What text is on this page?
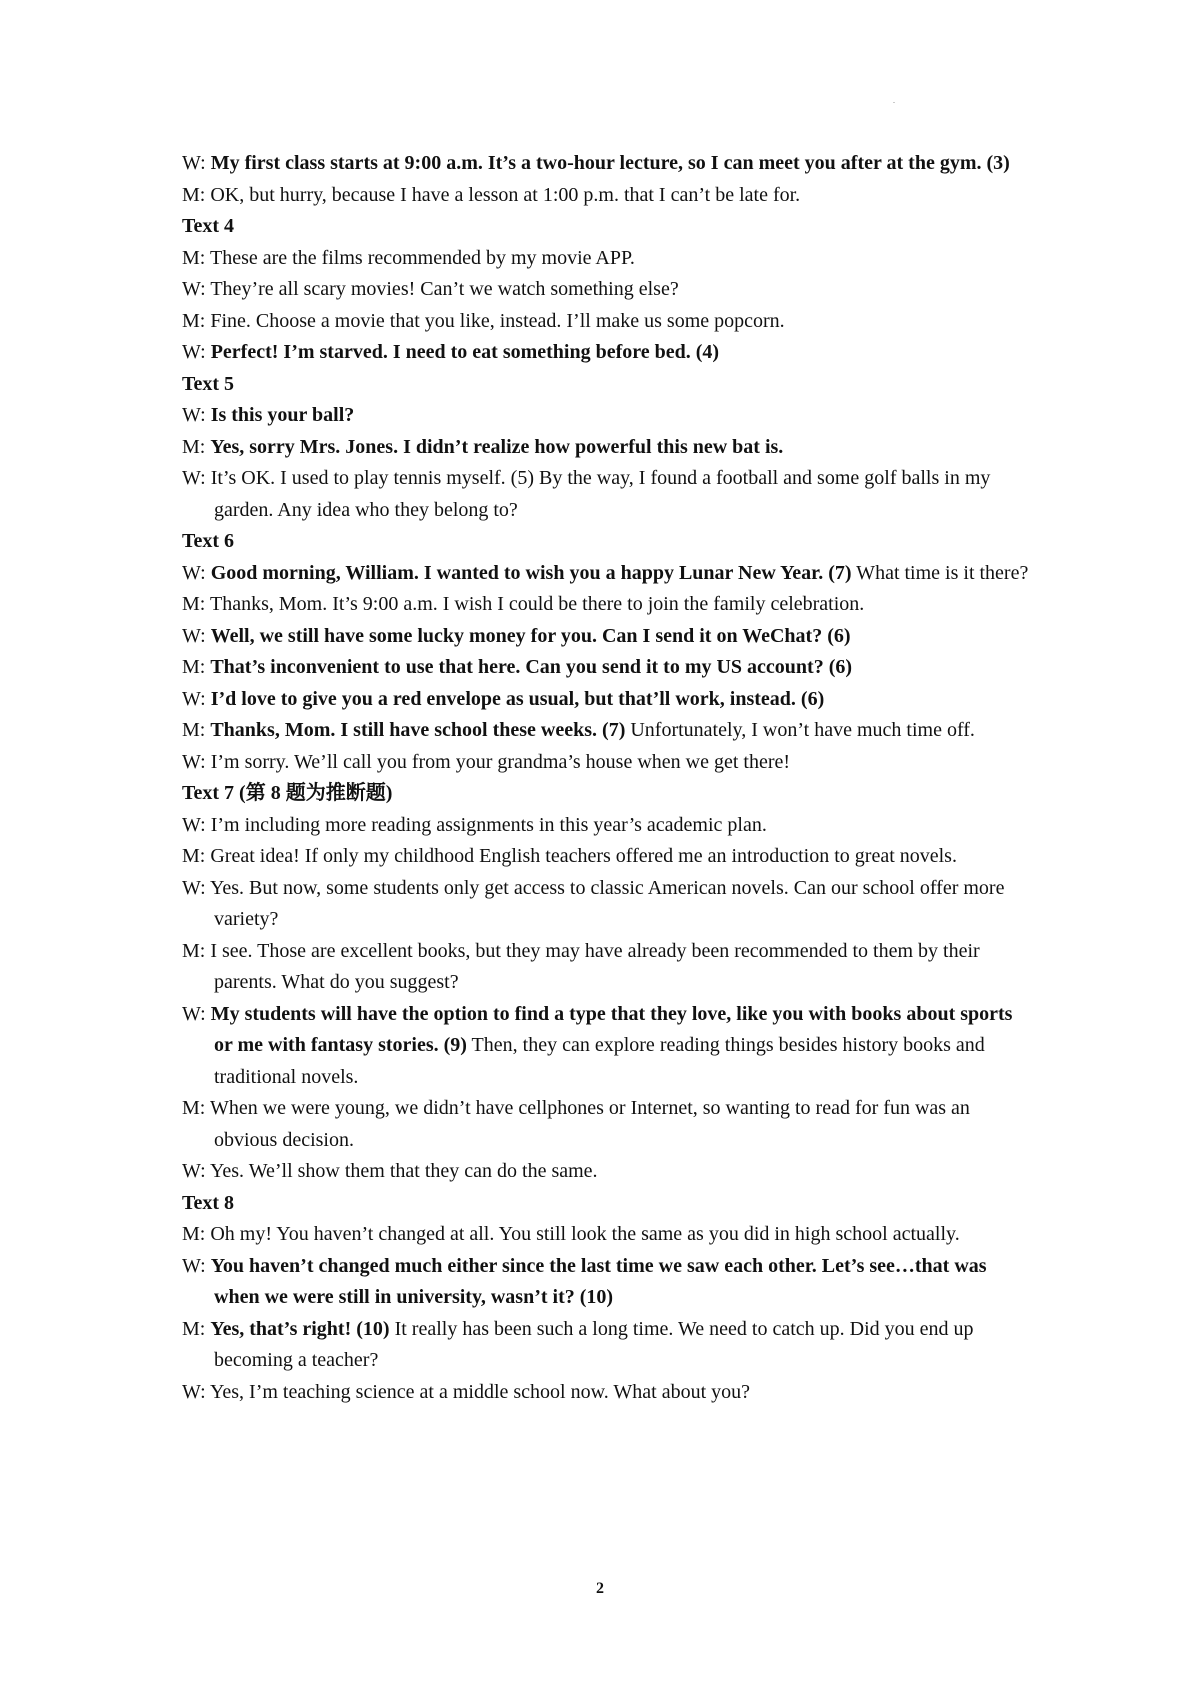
.
W: My first class starts at 9:00 a.m. It’s a two-hour lecture, so I can meet you after at the gym. (3)
M: OK, but hurry, because I have a lesson at 1:00 p.m. that I can’t be late for.
Text 4
M: These are the films recommended by my movie APP.
W: They’re all scary movies! Can’t we watch something else?
M: Fine. Choose a movie that you like, instead. I’ll make us some popcorn.
W: Perfect! I’m starved. I need to eat something before bed. (4)
Text 5
W: Is this your ball?
M: Yes, sorry Mrs. Jones. I didn’t realize how powerful this new bat is.
W: It’s OK. I used to play tennis myself. (5) By the way, I found a football and some golf balls in my garden. Any idea who they belong to?
Text 6
W: Good morning, William. I wanted to wish you a happy Lunar New Year. (7) What time is it there?
M: Thanks, Mom. It’s 9:00 a.m. I wish I could be there to join the family celebration.
W: Well, we still have some lucky money for you. Can I send it on WeChat? (6)
M: That’s inconvenient to use that here. Can you send it to my US account? (6)
W: I’d love to give you a red envelope as usual, but that’ll work, instead. (6)
M: Thanks, Mom. I still have school these weeks. (7) Unfortunately, I won’t have much time off.
W: I’m sorry. We’ll call you from your grandma’s house when we get there!
Text 7 (第 8 题为推断题)
W: I’m including more reading assignments in this year’s academic plan.
M: Great idea! If only my childhood English teachers offered me an introduction to great novels.
W: Yes. But now, some students only get access to classic American novels. Can our school offer more variety?
M: I see. Those are excellent books, but they may have already been recommended to them by their parents. What do you suggest?
W: My students will have the option to find a type that they love, like you with books about sports or me with fantasy stories. (9) Then, they can explore reading things besides history books and traditional novels.
M: When we were young, we didn’t have cellphones or Internet, so wanting to read for fun was an obvious decision.
W: Yes. We’ll show them that they can do the same.
Text 8
M: Oh my! You haven’t changed at all. You still look the same as you did in high school actually.
W: You haven’t changed much either since the last time we saw each other. Let’s see…that was when we were still in university, wasn’t it? (10)
M: Yes, that’s right! (10) It really has been such a long time. We need to catch up. Did you end up becoming a teacher?
W: Yes, I’m teaching science at a middle school now. What about you?
2
